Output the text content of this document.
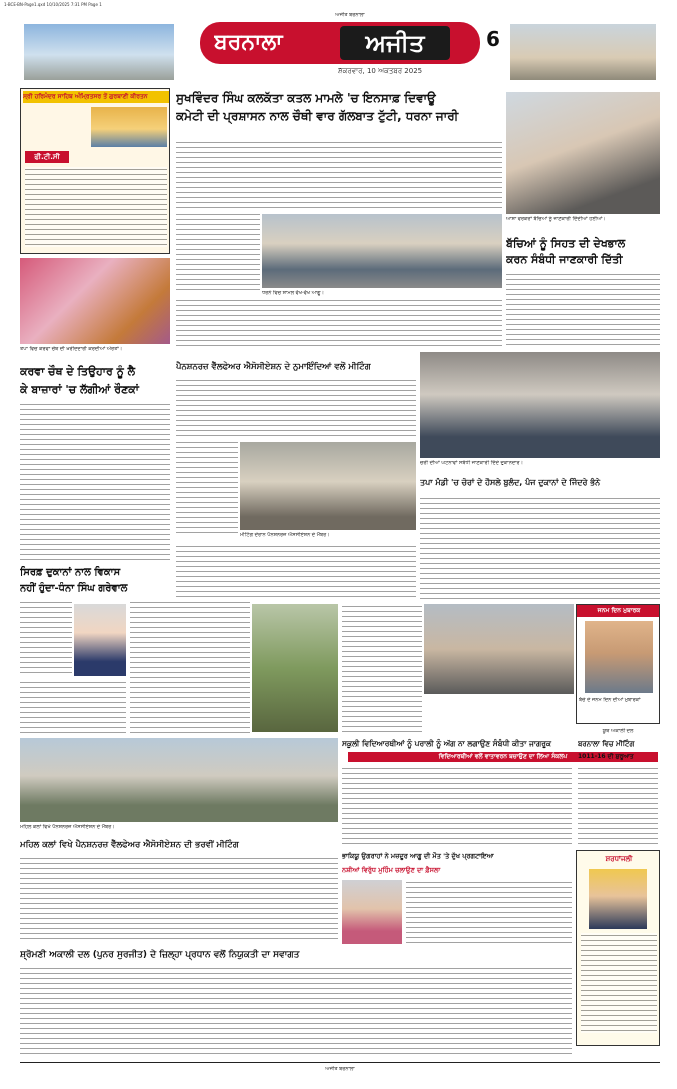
1-BCE-BN-Page1.qxd 10/10/2025 7:31 PM Page 1
ਅਜੀਤ ਬਰਨਾਲਾ
ਬਰਨਾਲਾ	ਅਜੀਤ	6
ਸ਼ੁੱਕਰਵਾਰ, 10 ਅਕਤੂਬਰ 2025
ਸ੍ਰੀ ਹਰਿਮੰਦਰ ਸਾਹਿਬ ਅੰਮ੍ਰਿਤਸਰ ਤੋਂ ਗੁਰਬਾਣੀ ਕੀਰਤਨ
ਫੀ.ਟੀ.ਸੀ
ਸੁਖਵਿੰਦਰ ਸਿੰਘ ਕਲਕੱਤਾ ਕਤਲ ਮਾਮਲੇ 'ਚ ਇਨਸਾਫ਼ ਦਿਵਾਊ
ਕਮੇਟੀ ਦੀ ਪ੍ਰਸ਼ਾਸਨ ਨਾਲ ਚੌਥੀ ਵਾਰ ਗੱਲਬਾਤ ਟੁੱਟੀ, ਧਰਨਾ ਜਾਰੀ
ਧਰਨੇ ਵਿਚ ਸ਼ਾਮਲ ਵੱਖ-ਵੱਖ ਆਗੂ।
ਆਸ਼ਾ ਵਰਕਰਾਂ ਬੱਚਿਆਂ ਨੂੰ ਜਾਣਕਾਰੀ ਦਿੰਦੀਆਂ ਹੋਈਆਂ।
ਬੱਚਿਆਂ ਨੂੰ ਸਿਹਤ ਦੀ ਦੇਖਭਾਲ
ਕਰਨ ਸੰਬੰਧੀ ਜਾਣਕਾਰੀ ਦਿੱਤੀ
ਤਪਾ ਵਿਚ ਕਰਵਾ ਚੌਥ ਦੀ ਖ਼ਰੀਦਦਾਰੀ ਕਰਦੀਆਂ ਔਰਤਾਂ।
ਕਰਵਾ ਚੌਥ ਦੇ ਤਿਉਹਾਰ ਨੂੰ ਲੈ
ਕੇ ਬਾਜ਼ਾਰਾਂ 'ਚ ਲੱਗੀਆਂ ਰੌਣਕਾਂ
ਪੈਨਸ਼ਨਰਜ਼ ਵੈੱਲਫੇਅਰ ਐਸੋਸੀਏਸ਼ਨ ਦੇ ਨੁਮਾਇੰਦਿਆਂ ਵਲੋਂ ਮੀਟਿੰਗ
ਮੀਟਿੰਗ ਦੌਰਾਨ ਪੈਨਸ਼ਨਰਜ਼ ਐਸੋਸੀਏਸ਼ਨ ਦੇ ਮੈਂਬਰ।
ਚੋਰੀ ਦੀਆਂ ਘਟਨਾਵਾਂ ਸਬੰਧੀ ਜਾਣਕਾਰੀ ਦਿੰਦੇ ਦੁਕਾਨਦਾਰ।
ਤਪਾ ਮੰਡੀ 'ਚ ਚੋਰਾਂ ਦੇ ਹੌਸਲੇ ਬੁਲੰਦ, ਪੰਜ ਦੁਕਾਨਾਂ ਦੇ ਜਿੰਦਰੇ ਭੰਨੇ
ਸਿਰਫ਼ ਦੁਕਾਨਾਂ ਨਾਲ ਵਿਕਾਸ
ਨਹੀਂ ਹੁੰਦਾ-ਧੰਨਾ ਸਿੰਘ ਗਰੇਵਾਲ
ਜਨਮ ਦਿਨ ਮੁਬਾਰਕ
ਬੱਚੇ ਦੇ ਜਨਮ ਦਿਨ ਦੀਆਂ ਮੁਬਾਰਕਾਂ
ਸਕੂਲੀ ਵਿਦਿਆਰਥੀਆਂ ਨੂੰ ਪਰਾਲੀ ਨੂੰ ਅੱਗ ਨਾ ਲਗਾਉਣ ਸੰਬੰਧੀ ਕੀਤਾ ਜਾਗਰੂਕ
ਵਿਦਿਆਰਥੀਆਂ ਵਲੋਂ ਵਾਤਾਵਰਨ ਬਚਾਉਣ ਦਾ ਲਿਆ ਸੰਕਲਪ
ਯੂਥ ਅਕਾਲੀ ਦਲ
ਬਰਨਾਲਾ ਵਿਚ ਮੀਟਿੰਗ
1011-16 ਦੀ ਸ਼ੁਰੂਆਤ
ਮਹਿਲ ਕਲਾਂ ਵਿਖੇ ਪੈਨਸ਼ਨਰਜ਼ ਐਸੋਸੀਏਸ਼ਨ ਦੇ ਮੈਂਬਰ।
ਮਹਿਲ ਕਲਾਂ ਵਿਖੇ ਪੈਨਸ਼ਨਰਜ਼ ਵੈੱਲਫੇਅਰ ਐਸੋਸੀਏਸ਼ਨ ਦੀ ਭਰਵੀਂ ਮੀਟਿੰਗ
ਭਾਕਿਯੂ ਉਗਰਾਹਾਂ ਨੇ ਮਜ਼ਦੂਰ ਆਗੂ ਦੀ ਮੌਤ 'ਤੇ ਦੁੱਖ ਪ੍ਰਗਟਾਇਆ
ਨਸ਼ੀਆਂ ਵਿਰੁੱਧ ਮੁਹਿੰਮ ਚਲਾਉਣ ਦਾ ਫ਼ੈਸਲਾ
ਸ਼ਰਧਾਂਜਲੀ
ਸ਼੍ਰੋਮਣੀ ਅਕਾਲੀ ਦਲ (ਪੁਨਰ ਸੁਰਜੀਤ) ਦੇ ਜ਼ਿਲ੍ਹਾ ਪ੍ਰਧਾਨ ਵਲੋਂ ਨਿਯੁਕਤੀ ਦਾ ਸਵਾਗਤ
ਅਜੀਤ ਬਰਨਾਲਾ
